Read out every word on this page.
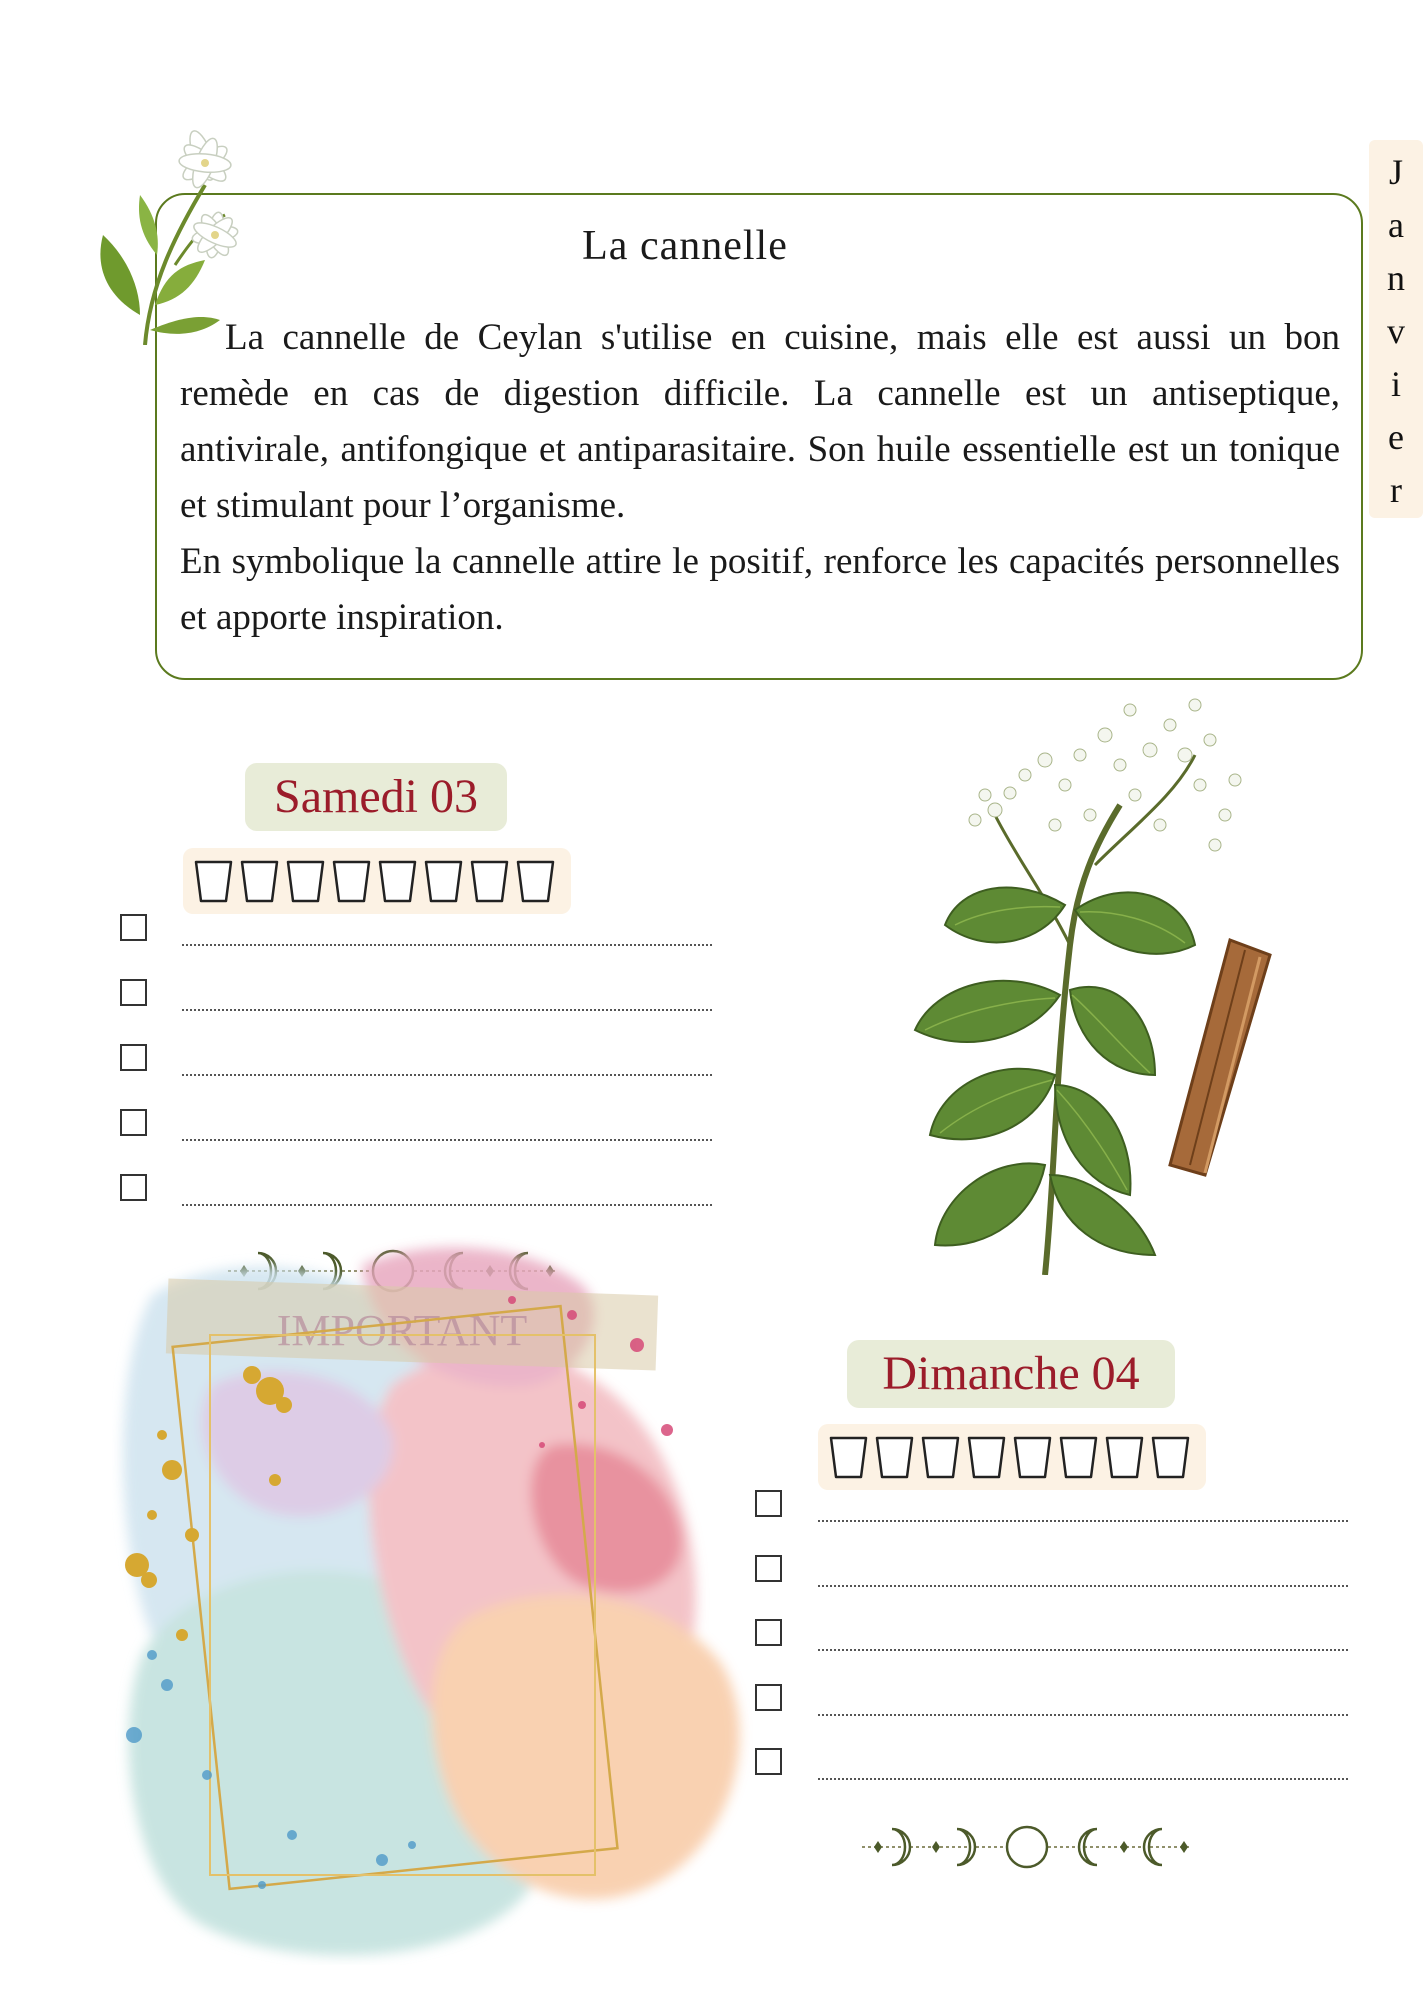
J
a
n
v
i
e
r
La cannelle

La cannelle de Ceylan s'utilise en cuisine, mais elle est aussi un bon remède en cas de digestion difficile. La cannelle est un antiseptique, antivirale, antifongique et antiparasitaire. Son huile essentielle est un tonique et stimulant pour l’organisme.

En symbolique la cannelle attire le positif, renforce les capacités personnelles et apporte inspiration.

Samedi 03
Dimanche 04
IMPORTANT
